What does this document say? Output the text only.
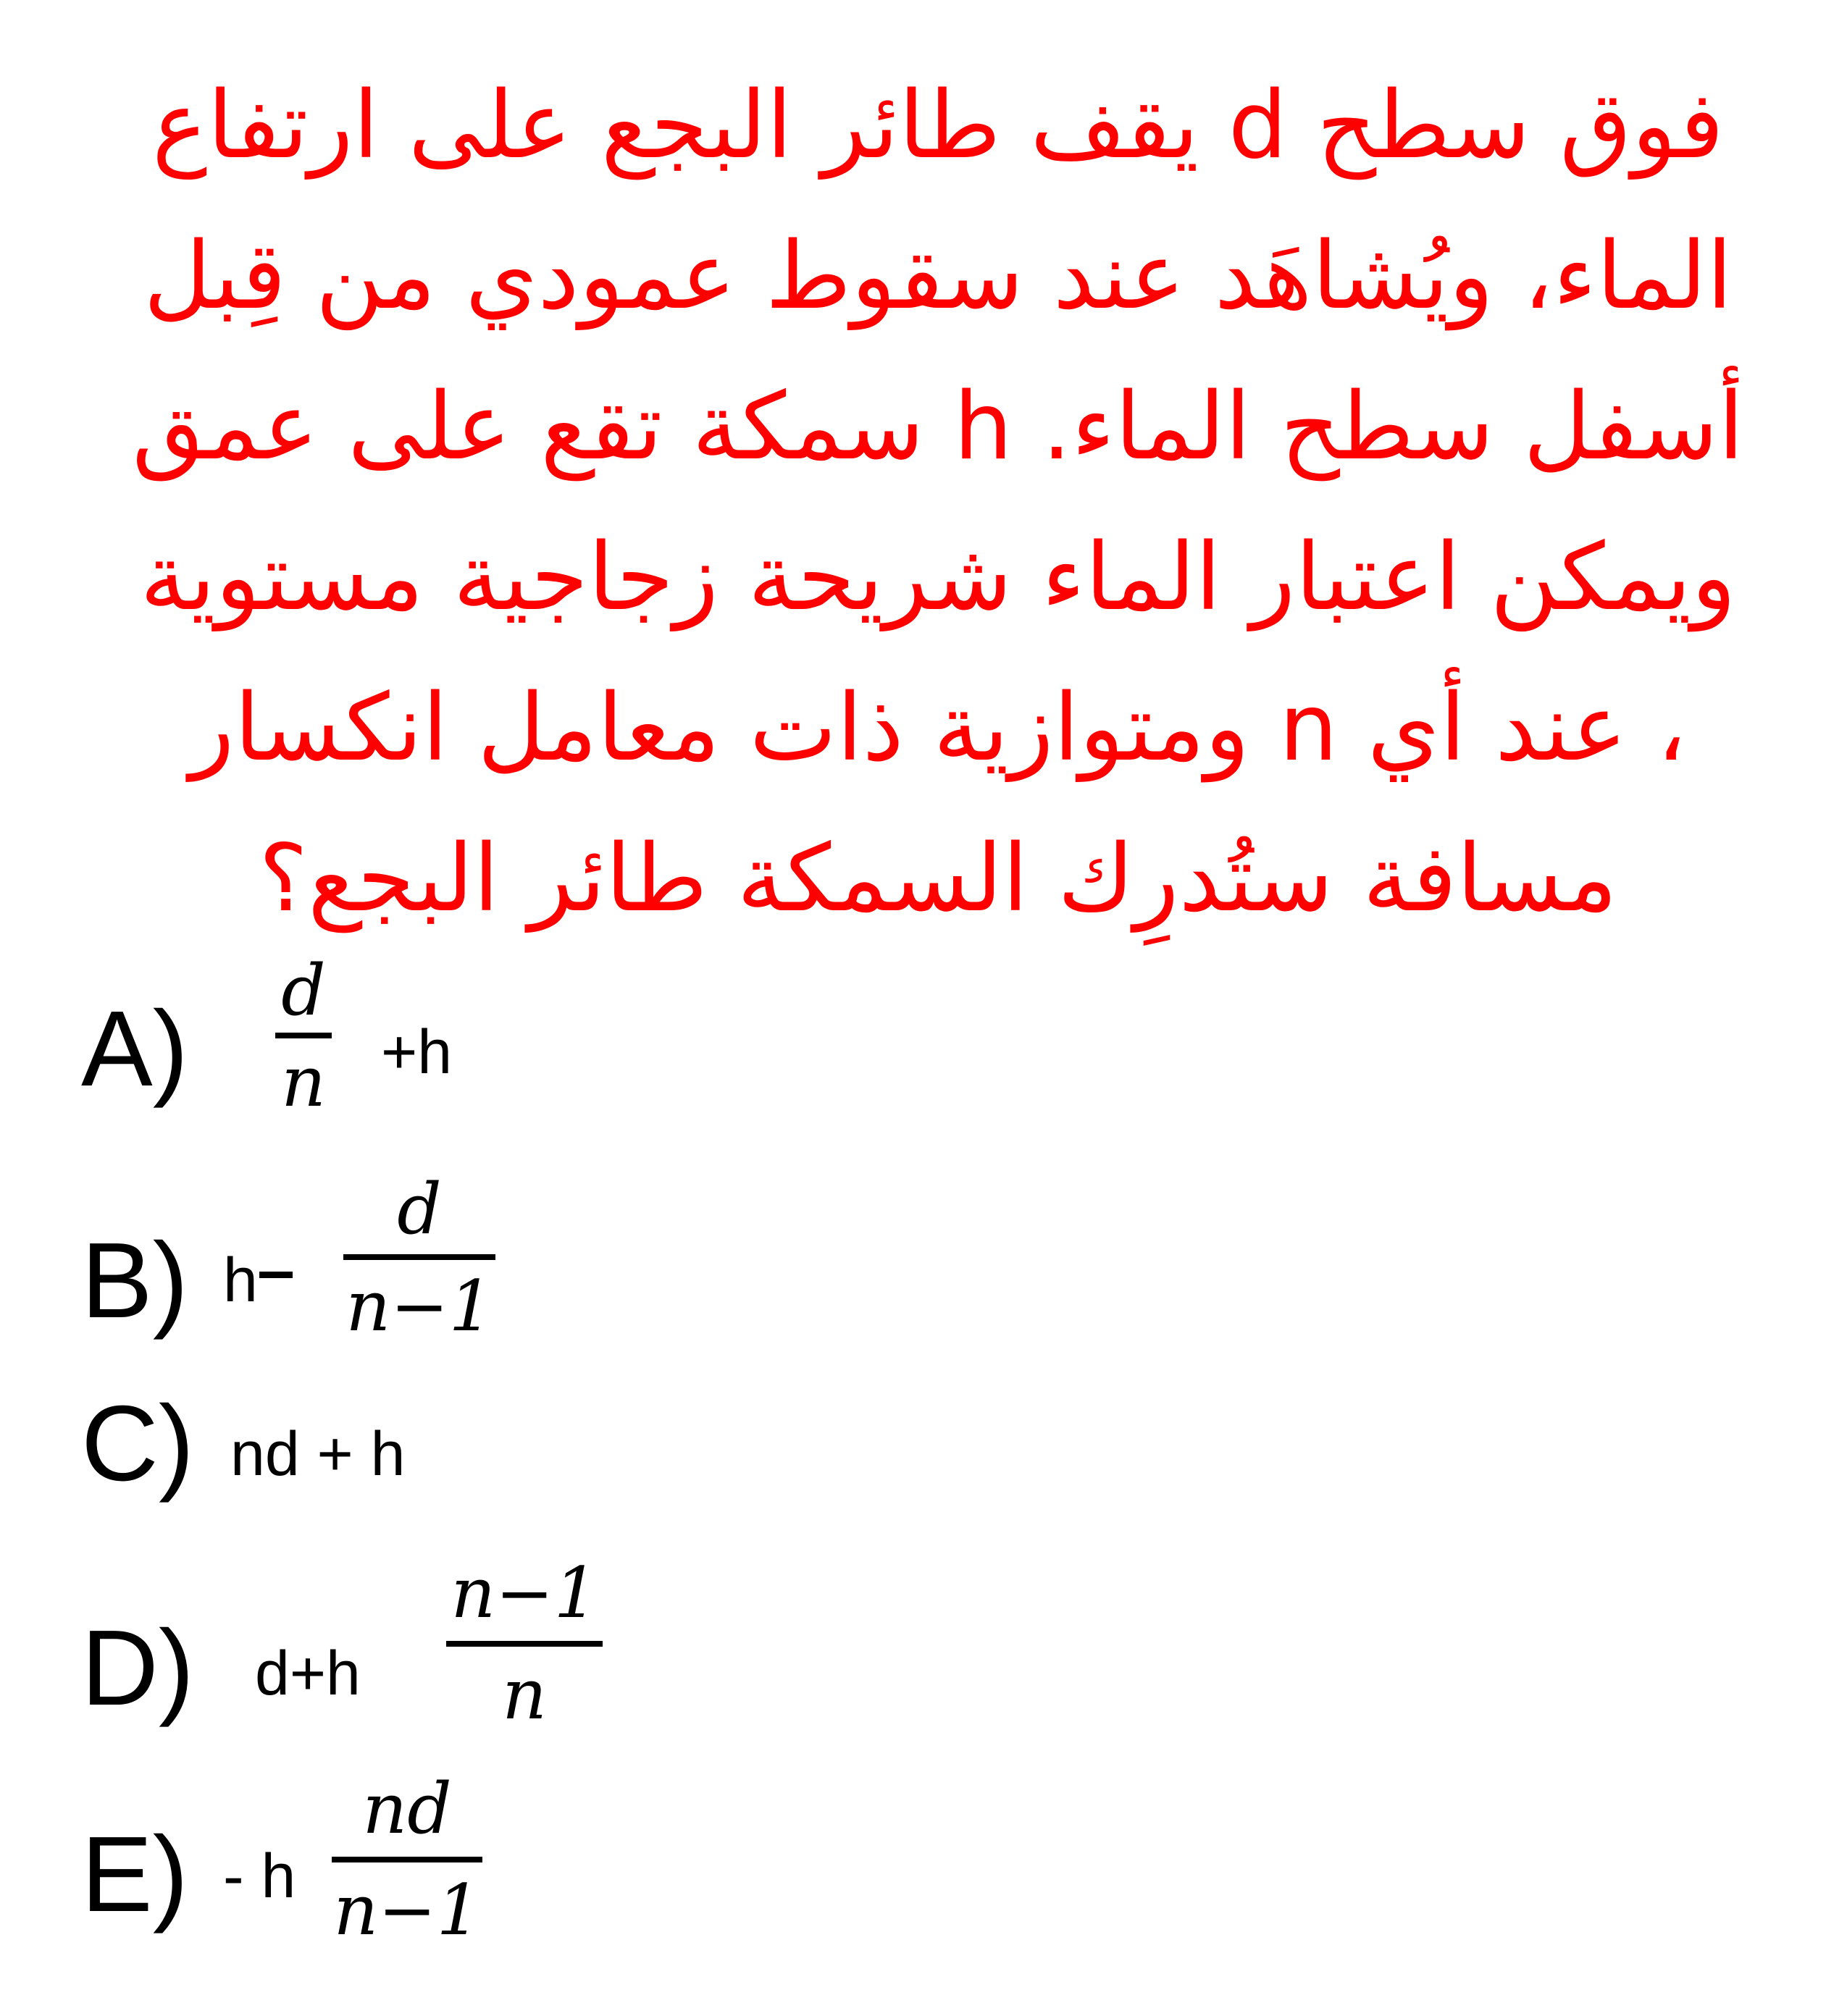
فوق سطح d يقف طائر البجع على ارتفاع
الماء، ويُشاهَد عند سقوط عمودي من قِبل
أسفل سطح الماء. h سمكة تقع على عمق
ويمكن اعتبار الماء شريحة زجاجية مستوية
، عند أي n ومتوازية ذات معامل انكسار
مسافة ستُدرِك السمكة طائر البجع؟
A) d
n +h
B) h
d
n−1
C) nd + h
D) d+h
n−1
n
E) - h
nd
n−1
